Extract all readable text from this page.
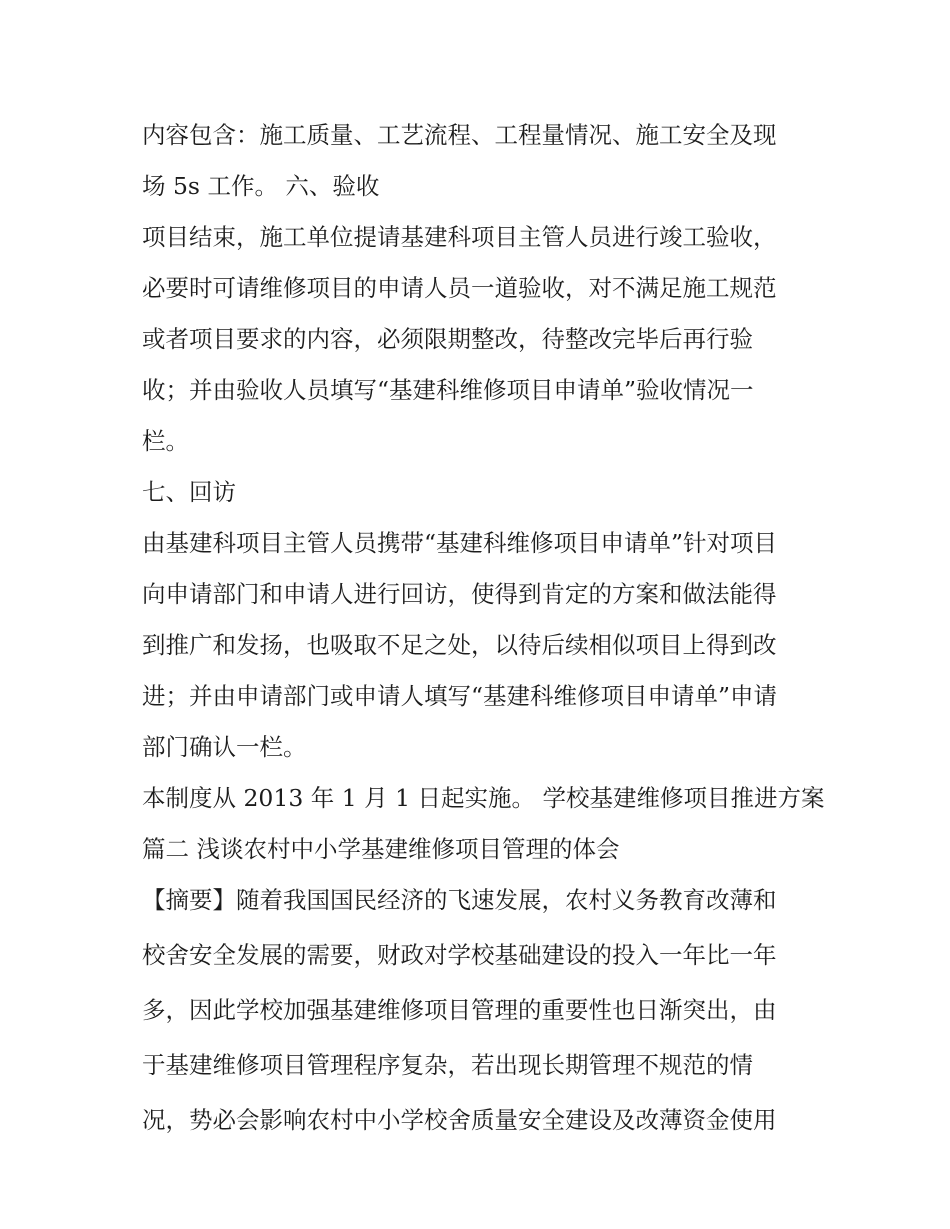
内容包含：施工质量、工艺流程、工程量情况、施工安全及现
场 5s 工作。 六、验收
项目结束，施工单位提请基建科项目主管人员进行竣工验收，
必要时可请维修项目的申请人员一道验收，对不满足施工规范
或者项目要求的内容，必须限期整改，待整改完毕后再行验
收；并由验收人员填写“基建科维修项目申请单”验收情况一
栏。
七、回访
由基建科项目主管人员携带“基建科维修项目申请单”针对项目
向申请部门和申请人进行回访，使得到肯定的方案和做法能得
到推广和发扬，也吸取不足之处，以待后续相似项目上得到改
进；并由申请部门或申请人填写“基建科维修项目申请单”申请
部门确认一栏。
本制度从 2013 年 1 月 1 日起实施。 学校基建维修项目推进方案
篇二 浅谈农村中小学基建维修项目管理的体会
【摘要】随着我国国民经济的飞速发展，农村义务教育改薄和
校舍安全发展的需要，财政对学校基础建设的投入一年比一年
多，因此学校加强基建维修项目管理的重要性也日渐突出，由
于基建维修项目管理程序复杂，若出现长期管理不规范的情
况，势必会影响农村中小学校舍质量安全建设及改薄资金使用
